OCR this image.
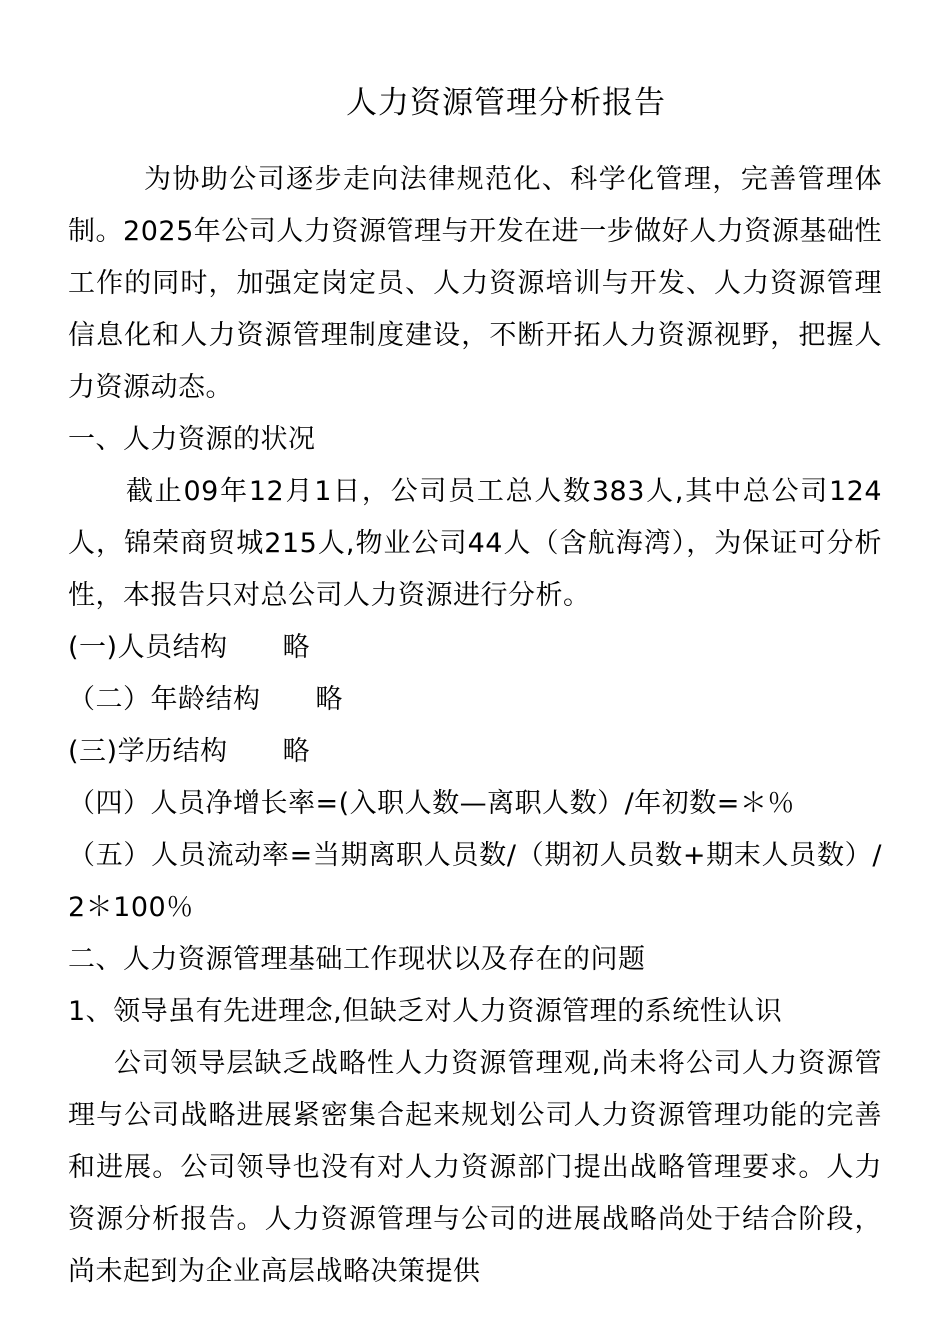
人力资源管理分析报告

为协助公司逐步走向法律规范化、科学化管理，完善管理体制。2025年公司人力资源管理与开发在进一步做好人力资源基础性工作的同时，加强定岗定员、人力资源培训与开发、人力资源管理信息化和人力资源管理制度建设，不断开拓人力资源视野，把握人力资源动态。

一、人力资源的状况

截止09年12月1日，公司员工总人数383人,其中总公司124人，锦荣商贸城215人,物业公司44人（含航海湾），为保证可分析性，本报告只对总公司人力资源进行分析。

(一)人员结构　　略

（二）年龄结构　　略

(三)学历结构　　略

（四）人员净增长率=(入职人数—离职人数）/年初数=＊％

（五）人员流动率=当期离职人员数/（期初人员数+期末人员数）/2＊100％

二、人力资源管理基础工作现状以及存在的问题

1、领导虽有先进理念,但缺乏对人力资源管理的系统性认识

公司领导层缺乏战略性人力资源管理观,尚未将公司人力资源管理与公司战略进展紧密集合起来规划公司人力资源管理功能的完善和进展。公司领导也没有对人力资源部门提出战略管理要求。人力资源分析报告。人力资源管理与公司的进展战略尚处于结合阶段，尚未起到为企业高层战略决策提供
